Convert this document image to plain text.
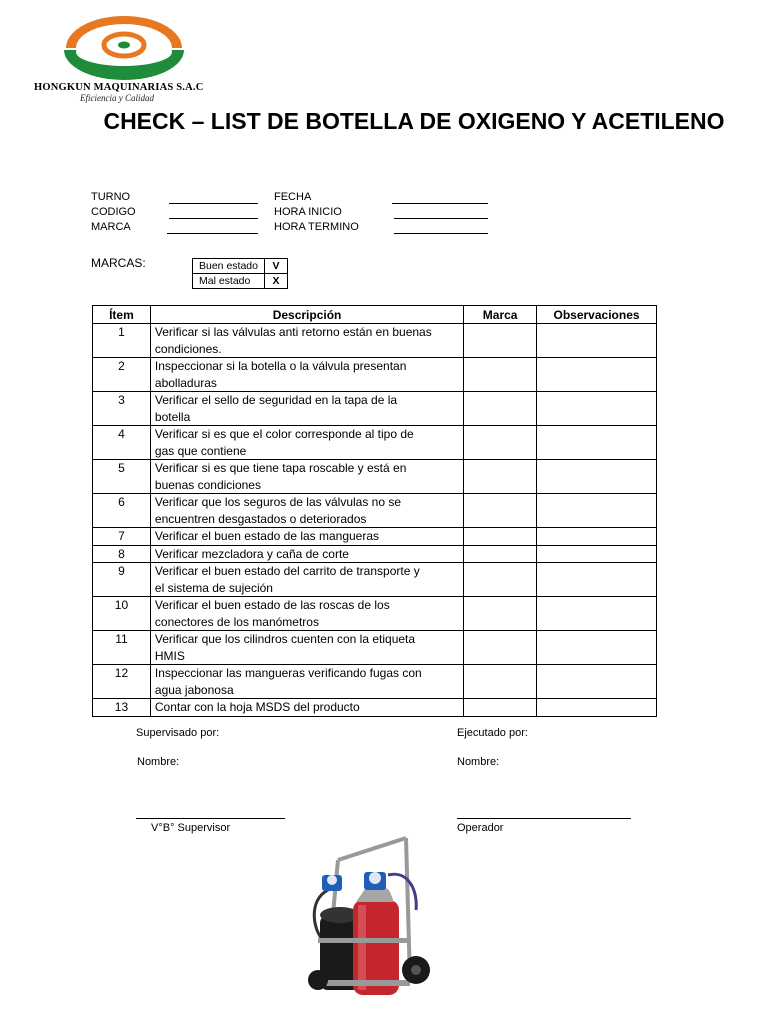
HONGKUN MAQUINARIAS S.A.C
Eficiencia y Calidad
CHECK – LIST DE BOTELLA DE OXIGENO Y ACETILENO
TURNO
CODIGO
MARCA
FECHA
HORA INICIO
HORA TERMINO
MARCAS:	Buen estado	V
Mal estado	X
Ítem	Descripción	Marca	Observaciones
1	Verificar si las válvulas anti retorno están en buenas
condiciones.		

2	Inspeccionar si la botella o la válvula presentan
abolladuras		

3	Verificar el sello de seguridad en la tapa de la
botella		

4	Verificar si es que el color corresponde al tipo de
gas que contiene		

5	Verificar si es que tiene tapa roscable y está en
buenas condiciones		

6	Verificar que los seguros de las válvulas no se
encuentren desgastados o deteriorados		

7	Verificar el buen estado de las mangueras		

8	Verificar mezcladora y caña de corte		

9	Verificar el buen estado del carrito de transporte y
el sistema de sujeción		

10	Verificar el buen estado de las roscas de los
conectores de los manómetros		

11	Verificar que los cilindros cuenten con la etiqueta
HMIS		

12	Inspeccionar las mangueras verificando fugas con
agua jabonosa		

13	Contar con la hoja MSDS del producto		

Supervisado por:	Ejecutado por:
Nombre:	Nombre:
V°B° Supervisor	Operador
